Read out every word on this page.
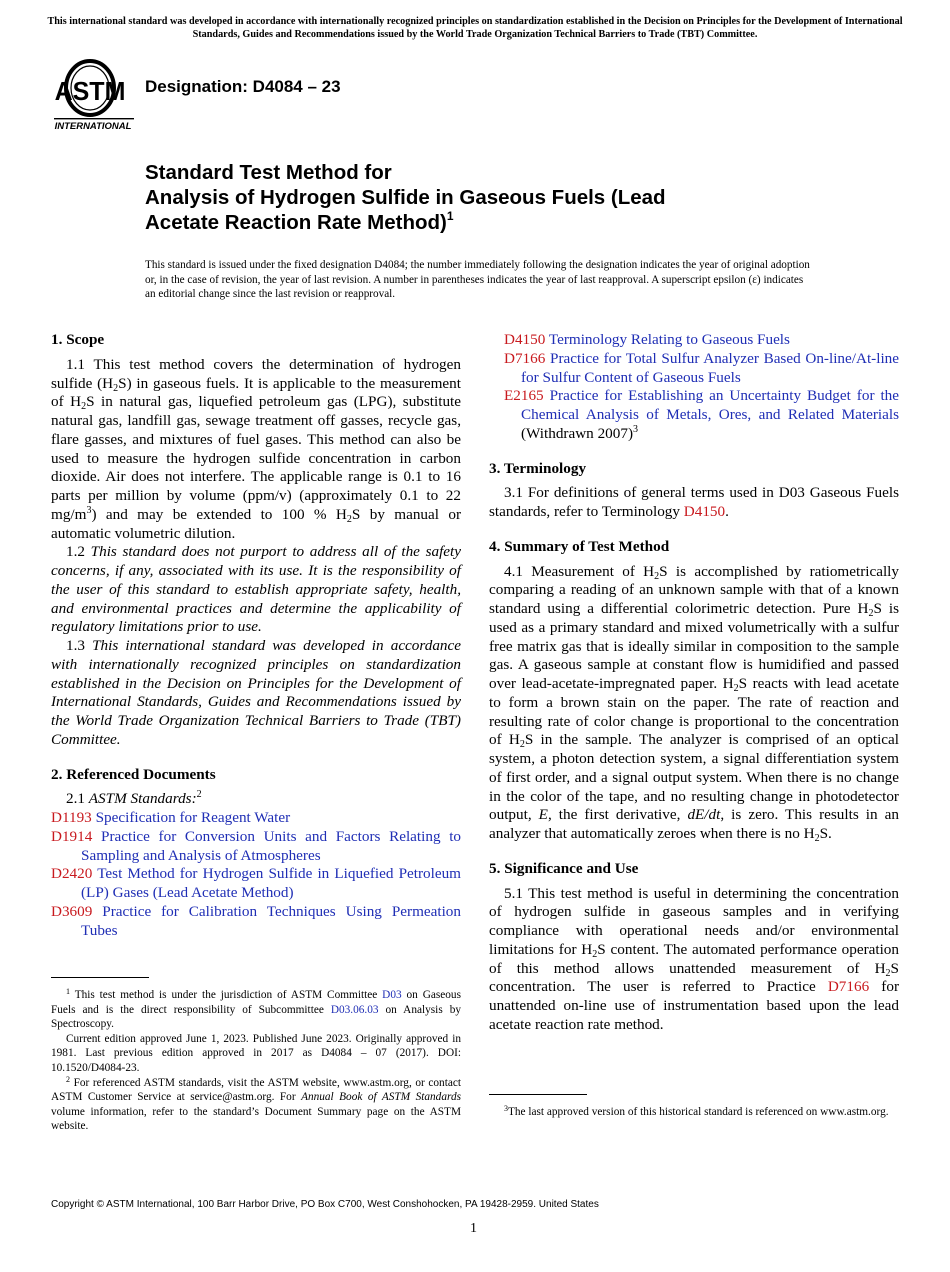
This international standard was developed in accordance with internationally recognized principles on standardization established in the Decision on Principles for the Development of International Standards, Guides and Recommendations issued by the World Trade Organization Technical Barriers to Trade (TBT) Committee.
ASTM
INTERNATIONAL
Designation: D4084 – 23
Standard Test Method for
Analysis of Hydrogen Sulfide in Gaseous Fuels (Lead
Acetate Reaction Rate Method)$^1$
This standard is issued under the fixed designation D4084; the number immediately following the designation indicates the year of original adoption or, in the case of revision, the year of last revision. A number in parentheses indicates the year of last reapproval. A superscript epsilon (ε) indicates an editorial change since the last revision or reapproval.
1. Scope

1.1 This test method covers the determination of hydrogen sulfide $(H_2S)$ in gaseous fuels. It is applicable to the measurement of $H_2S$ in natural gas, liquefied petroleum gas (LPG), substitute natural gas, landfill gas, sewage treatment off gasses, recycle gas, flare gasses, and mixtures of fuel gases. This method can also be used to measure the hydrogen sulfide concentration in carbon dioxide. Air does not interfere. The applicable range is 0.1 to 16 parts per million by volume (ppm/v) (approximately 0.1 to 22 $mg/m^3$) and may be extended to 100 % $H_2S$ by manual or automatic volumetric dilution.

1.2 This standard does not purport to address all of the safety concerns, if any, associated with its use. It is the responsibility of the user of this standard to establish appropriate safety, health, and environmental practices and determine the applicability of regulatory limitations prior to use.

1.3 This international standard was developed in accordance with internationally recognized principles on standardization established in the Decision on Principles for the Development of International Standards, Guides and Recommendations issued by the World Trade Organization Technical Barriers to Trade (TBT) Committee.

2. Referenced Documents

2.1 ASTM Standards:$^2$

D1193 Specification for Reagent Water

D1914 Practice for Conversion Units and Factors Relating to Sampling and Analysis of Atmospheres

D2420 Test Method for Hydrogen Sulfide in Liquefied Petroleum (LP) Gases (Lead Acetate Method)

D3609 Practice for Calibration Techniques Using Permeation Tubes

D4150 Terminology Relating to Gaseous Fuels

D7166 Practice for Total Sulfur Analyzer Based On-line/At-line for Sulfur Content of Gaseous Fuels

E2165 Practice for Establishing an Uncertainty Budget for the Chemical Analysis of Metals, Ores, and Related Materials (Withdrawn 2007)$^3$

3. Terminology

3.1 For definitions of general terms used in D03 Gaseous Fuels standards, refer to Terminology D4150.

4. Summary of Test Method

4.1 Measurement of $H_2S$ is accomplished by ratiometrically comparing a reading of an unknown sample with that of a known standard using a differential colorimetric detection. Pure $H_2S$ is used as a primary standard and mixed volumetrically with a sulfur free matrix gas that is ideally similar in composition to the sample gas. A gaseous sample at constant flow is humidified and passed over lead-acetate-impregnated paper. $H_2S$ reacts with lead acetate to form a brown stain on the paper. The rate of reaction and resulting rate of color change is proportional to the concentration of $H_2S$ in the sample. The analyzer is comprised of an optical system, a photon detection system, a signal differentiation system of first order, and a signal output system. When there is no change in the color of the tape, and no resulting change in photodetector output, E, the first derivative, dE/dt, is zero. This results in an analyzer that automatically zeroes when there is no $H_2S$.

5. Significance and Use

5.1 This test method is useful in determining the concentration of hydrogen sulfide in gaseous samples and in verifying compliance with operational needs and/or environmental limitations for $H_2S$ content. The automated performance operation of this method allows unattended measurement of $H_2S$ concentration. The user is referred to Practice D7166 for unattended on-line use of instrumentation based upon the lead acetate reaction rate method.

$^1$ This test method is under the jurisdiction of ASTM Committee D03 on Gaseous Fuels and is the direct responsibility of Subcommittee D03.06.03 on Analysis by Spectroscopy.

Current edition approved June 1, 2023. Published June 2023. Originally approved in 1981. Last previous edition approved in 2017 as D4084 – 07 (2017). DOI: 10.1520/D4084-23.

$^2$ For referenced ASTM standards, visit the ASTM website, www.astm.org, or contact ASTM Customer Service at service@astm.org. For Annual Book of ASTM Standards volume information, refer to the standard’s Document Summary page on the ASTM website.

$^3$The last approved version of this historical standard is referenced on www.astm.org.

Copyright © ASTM International, 100 Barr Harbor Drive, PO Box C700, West Conshohocken, PA 19428-2959. United States
1
